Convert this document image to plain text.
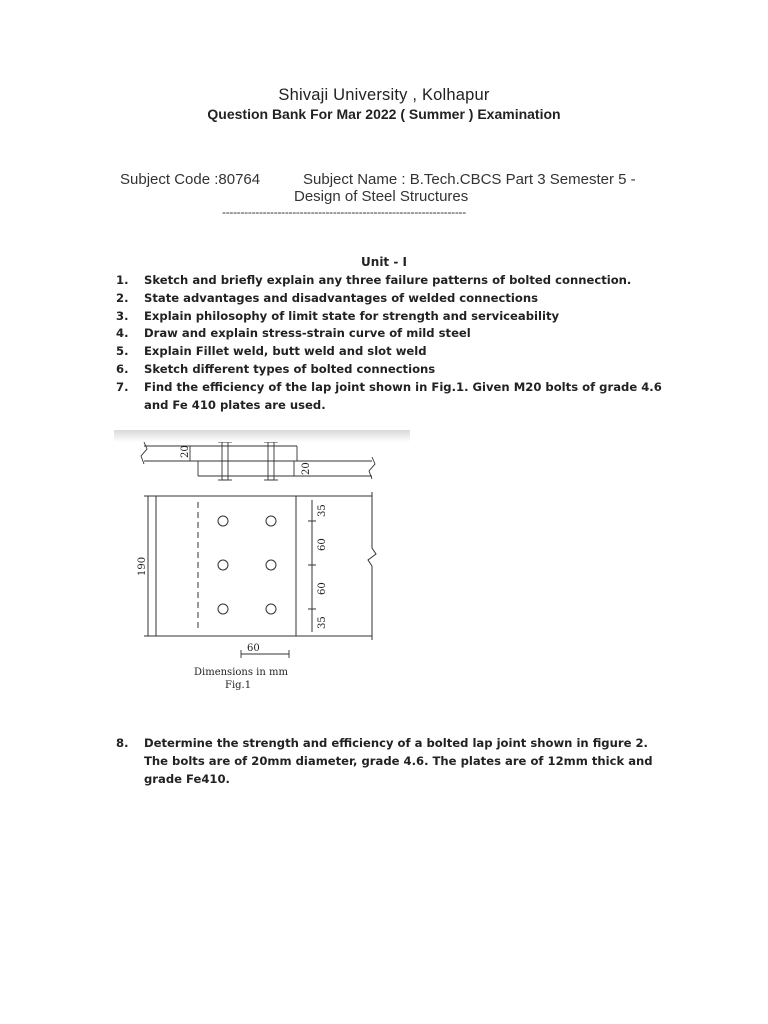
Shivaji University , Kolhapur
Question Bank For Mar 2022 ( Summer ) Examination
Subject Code :80764	Subject Name : B.Tech.CBCS Part 3 Semester 5 -
Design of Steel Structures
------------------------------------------------------------------
Unit - I
1. Sketch and briefly explain any three failure patterns of bolted connection.
2. State advantages and disadvantages of welded connections
3. Explain philosophy of limit state for strength and serviceability
4. Draw and explain stress-strain curve of mild steel
5. Explain Fillet weld, butt weld and slot weld
6. Sketch different types of bolted connections
7. Find the efficiency of the lap joint shown in Fig.1. Given M20 bolts of grade 4.6
and Fe 410 plates are used.
20
20
190
35
60
60
35
60
Dimensions in mm
Fig.1
8. Determine the strength and efficiency of a bolted lap joint shown in figure 2.
The bolts are of 20mm diameter, grade 4.6. The plates are of 12mm thick and
grade Fe410.
